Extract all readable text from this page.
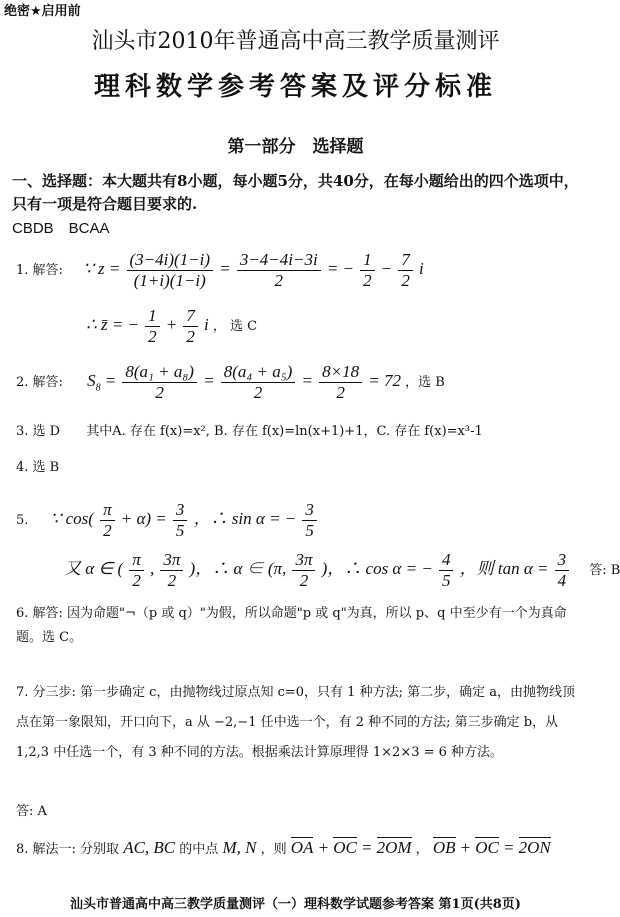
绝密★启用前
汕头市2010年普通高中高三教学质量测评
理科数学参考答案及评分标准
第一部分　选择题
一、选择题：本大题共有8小题，每小题5分，共40分，在每小题给出的四个选项中，只有一项是符合题目要求的.
CBDB　BCAA
1. 解答: ∵ $z = \frac{(3-4i)(1-i)}{(1+i)(1-i)} = \frac{3-4-4i-3i}{2}$ = − $\frac{1}{2} - \frac{7}{2}$ i
∴ z̄ = − $\frac{1}{2} + \frac{7}{2}$ i ， 选 C
2. 解答: $S_8 = \frac{\text{8(a₁ + a₈)}}{2} = \frac{\text{8(a₄ + a₅)}}{2} = \frac{8\times 18}{2} = 72$ ，选 B
3. 选 D 其中A. 存在 f(x)=x², B. 存在 f(x)=ln(x+1)+1，C. 存在 f(x)=x³-1
4. 选 B
5. ∵ $\cos( \frac{\pi}{2} + \alpha) = \frac{3}{5}$ ，∴ sin α = − $\frac{3}{5}$
又 α ∈ ( $\frac{\pi}{2}$ , $\frac{3\pi}{2}$ )，∴ α ∈ (π, $\frac{3\pi}{2}$ )，∴ cos α = − $\frac{4}{5}$ ，则 $\tan \alpha = \frac{3}{4}$ 答: B
6. 解答: 因为命题"¬（p 或 q）"为假，所以命题"p 或 q"为真，所以 p、q 中至少有一个为真命题。选 C。
7. 分三步: 第一步确定 c，由抛物线过原点知 c=0，只有 1 种方法; 第二步，确定 a，由抛物线顶点在第一象限知，开口向下，a 从 −2,−1 任中选一个，有 2 种不同的方法; 第三步确定 b，从 1,2,3 中任选一个，有 3 种不同的方法。根据乘法计算原理得 1×2×3 = 6 种方法。
答: A
8. 解法一: 分别取 AC, BC 的中点 M, N ，则 OA + OC = 2OM ， OB + OC = 2ON
汕头市普通高中高三教学质量测评（一）理科数学试题参考答案 第1页(共8页)
